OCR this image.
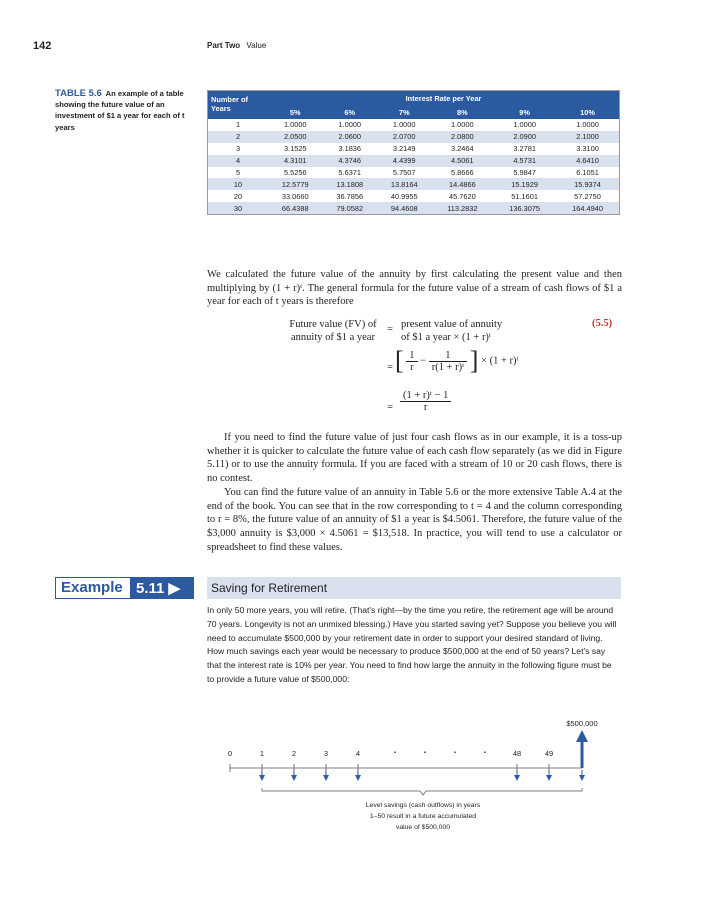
142	Part Two Value
TABLE 5.6 An example of a table showing the future value of an investment of $1 a year for each of t years
Number of Years	Interest Rate per Year					
	5%	6%	7%	8%	9%	10%
1	1.0000	1.0000	1.0000	1.0000	1.0000	1.0000
2	2.0500	2.0600	2.0700	2.0800	2.0900	2.1000
3	3.1525	3.1836	3.2149	3.2464	3.2781	3.3100
4	4.3101	4.3746	4.4399	4.5061	4.5731	4.6410
5	5.5256	5.6371	5.7507	5.8666	5.9847	6.1051
10	12.5779	13.1808	13.8164	14.4866	15.1929	15.9374
20	33.0660	36.7856	40.9955	45.7620	51.1601	57.2750
30	66.4388	79.0582	94.4608	113.2832	136.3075	164.4940

We calculated the future value of the annuity by first calculating the present value and then multiplying by (1 + r)ᵗ. The general formula for the future value of a stream of cash flows of $1 a year for each of t years is therefore

Future value (FV) of
annuity of $1 a year
= present value of annuity
of $1 a year × (1 + r)ᵗ
(5.5)
= [ $\frac{1}{r} - \frac{1}{\text{r(1 + r)ᵗ}}$ ] × (1 + r)ᵗ
= $\frac{\text{(1 + r)ᵗ − 1}}{r}$

If you need to find the future value of just four cash flows as in our example, it is a toss-up whether it is quicker to calculate the future value of each cash flow separately (as we did in Figure 5.11) or to use the annuity formula. If you are faced with a stream of 10 or 20 cash flows, there is no contest.

You can find the future value of an annuity in Table 5.6 or the more extensive Table A.4 at the end of the book. You can see that in the row corresponding to t = 4 and the column corresponding to r = 8%, the future value of an annuity of $1 a year is $4.5061. Therefore, the future value of the $3,000 annuity is $3,000 × 4.5061 = $13,518. In practice, you will tend to use a calculator or spreadsheet to find these values.

Example 5.11 ▶	Saving for Retirement

In only 50 more years, you will retire. (That's right—by the time you retire, the retirement age will be around 70 years. Longevity is not an unmixed blessing.) Have you started saving yet? Suppose you believe you will need to accumulate $500,000 by your retirement date in order to support your desired standard of living. How much savings each year would be necessary to produce $500,000 at the end of 50 years? Let's say that the interest rate is 10% per year. You need to find how large the annuity in the following figure must be to provide a future value of $500,000:

$500,000
0	1	2	3	4 · · · ·	48	49
Level savings (cash outflows) in years
1–50 result in a future accumulated
value of $500,000
